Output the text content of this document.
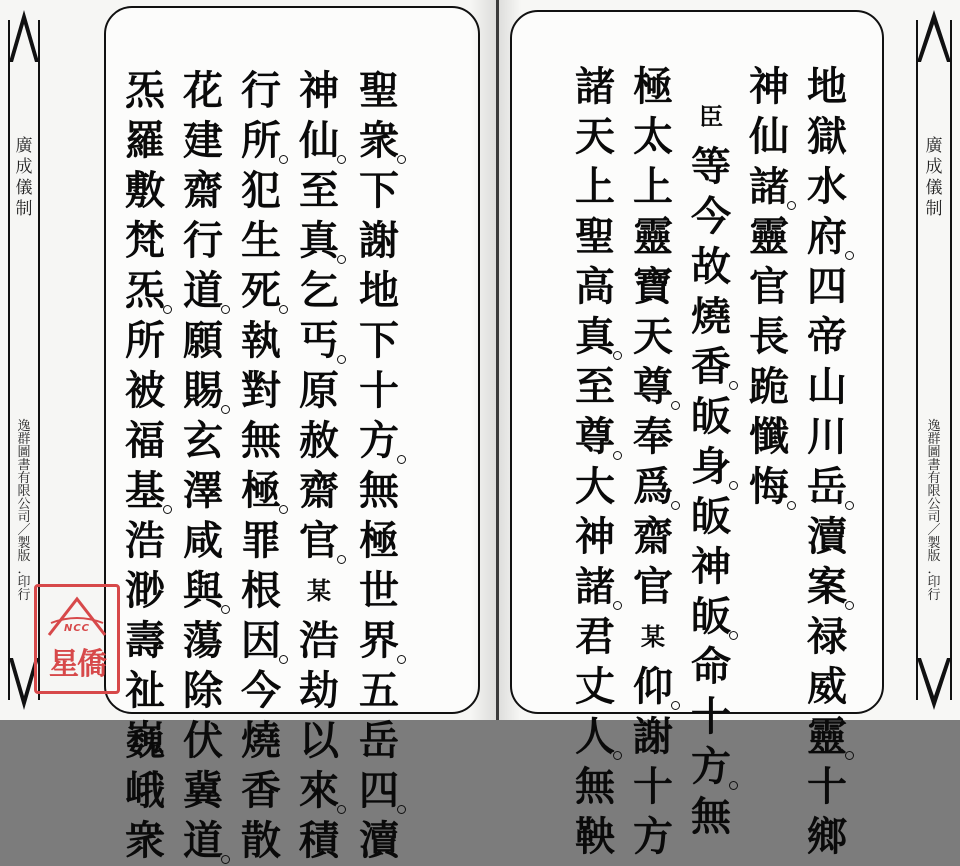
廣
成
儀
制
逸
群
圖
書
有
限
公
司
／
製
版
．
印
行
聖
衆
下
謝
地
下
十
方
無
極
世
界
五
岳
四
瀆
神
仙
至
真
乞
丐
原
赦
齋
官
某
浩
劫
以
來
積
行
所
犯
生
死
執
對
無
極
罪
根
因
今
燒
香
散
花
建
齋
行
道
願
賜
玄
澤
咸
與
蕩
除
伏
冀
道
炁
羅
敷
梵
炁
所
被
福
基
浩
渺
壽
祉
巍
峨
衆
NCC
星僑
地
獄
水
府
四
帝
山
川
岳
瀆
案
禄
威
靈
十
鄉
神
仙
諸
靈
官
長
跪
懺
悔
臣
等
今
故
燒
香
皈
身
皈
神
皈
命
十
方
無
極
太
上
靈
寶
天
尊
奉
爲
齋
官
某
仰
謝
十
方
諸
天
上
聖
高
真
至
尊
大
神
諸
君
丈
人
無
鞅
廣
成
儀
制
逸
群
圖
書
有
限
公
司
／
製
版
．
印
行
